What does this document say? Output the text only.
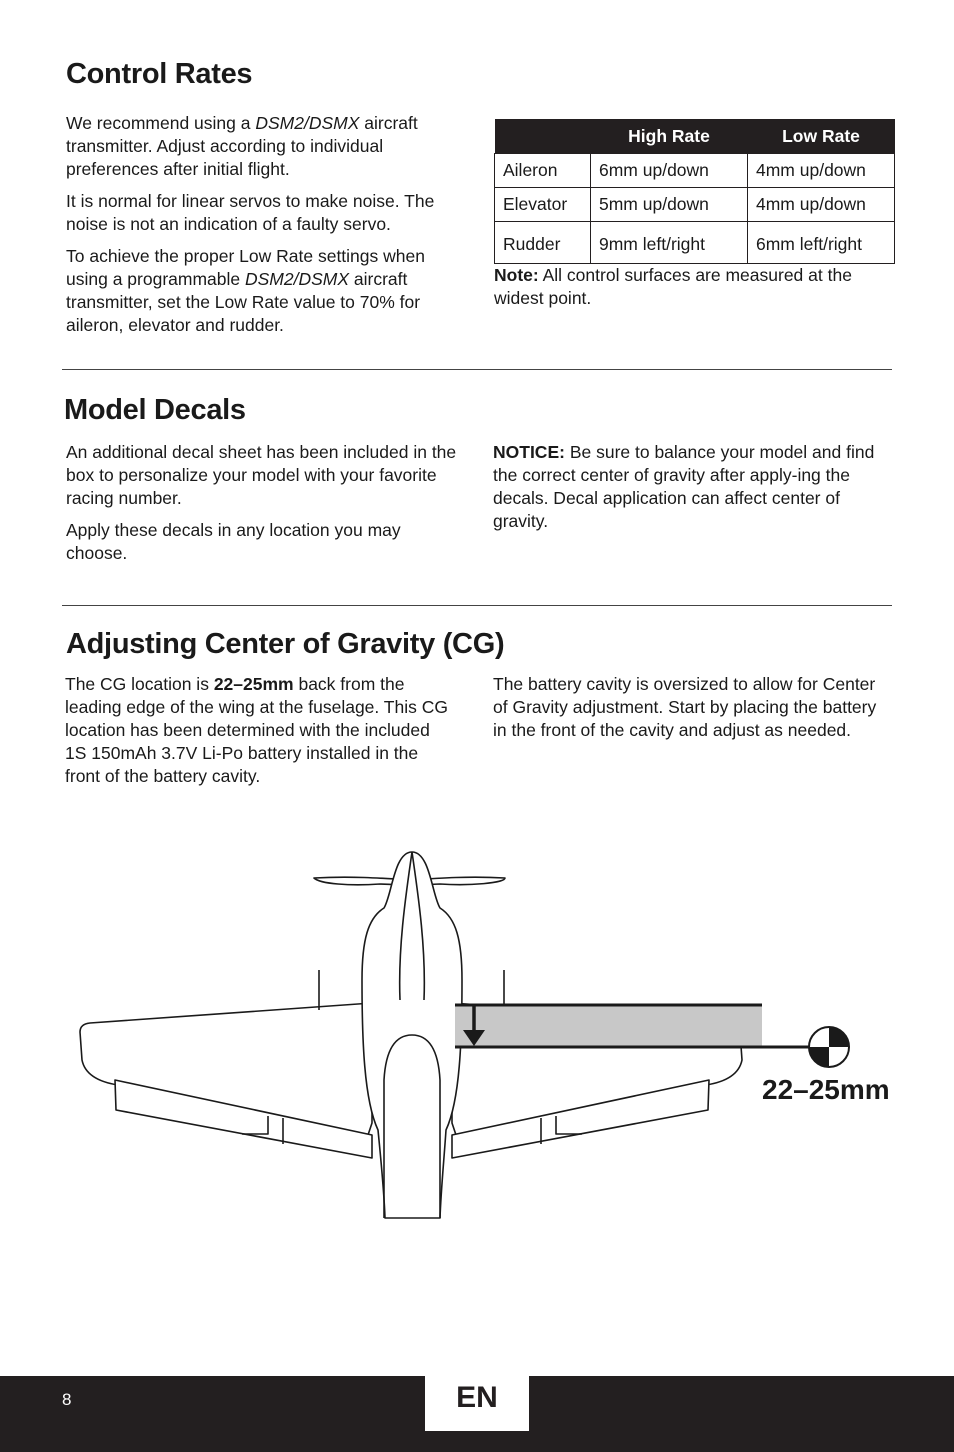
Control Rates

We recommend using a DSM2/DSMX aircraft transmitter. Adjust according to individual preferences after initial flight.

It is normal for linear servos to make noise. The noise is not an indication of a faulty servo.

To achieve the proper Low Rate settings when using a programmable DSM2/DSMX aircraft transmitter, set the Low Rate value to 70% for aileron, elevator and rudder.

	High Rate	Low Rate
Aileron	6mm up/down	4mm up/down
Elevator	5mm up/down	4mm up/down
Rudder	9mm left/right	6mm left/right
Note: All control surfaces are measured at the widest point.
Model Decals

An additional decal sheet has been included in the box to personalize your model with your favorite racing number.

Apply these decals in any location you may choose.

NOTICE: Be sure to balance your model and find the correct center of gravity after apply-ing the decals. Decal application can affect center of gravity.

Adjusting Center of Gravity (CG)

The CG location is 22–25mm back from the leading edge of the wing at the fuselage. This CG location has been determined with the included 1S 150mAh 3.7V Li-Po battery installed in the front of the battery cavity.

The battery cavity is oversized to allow for Center of Gravity adjustment. Start by placing the battery in the front of the cavity and adjust as needed.

22–25mm
8	EN
